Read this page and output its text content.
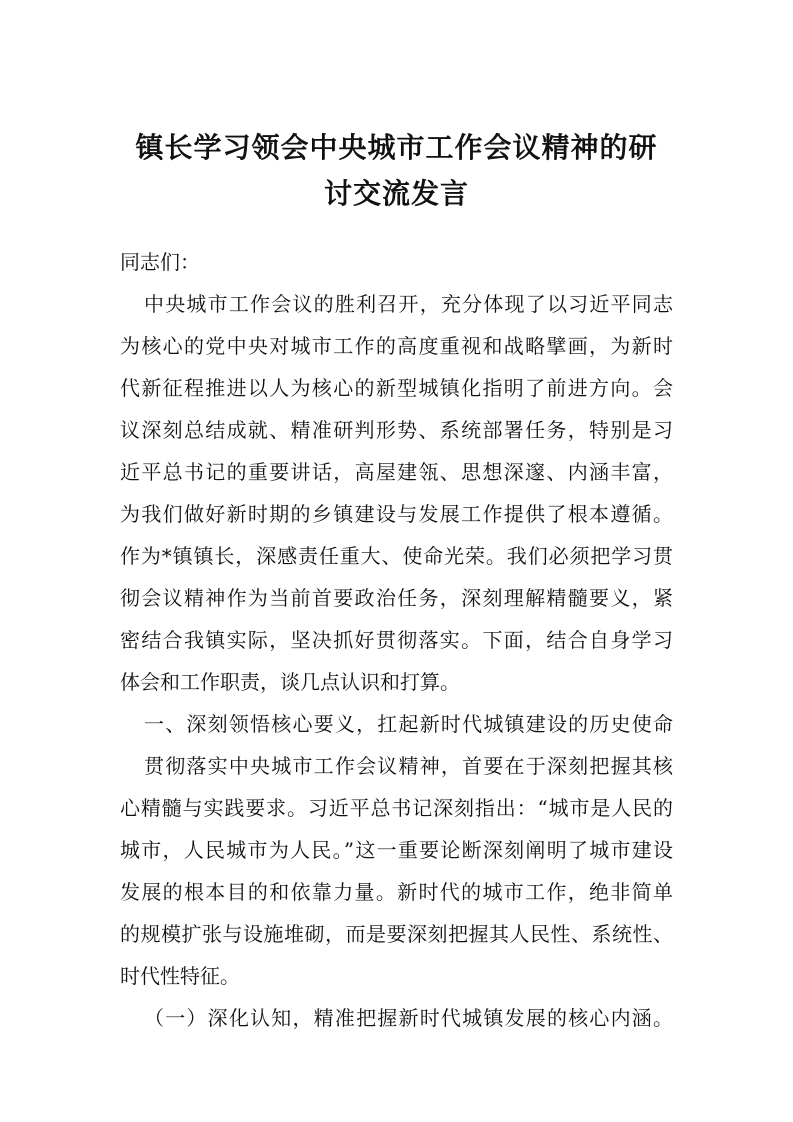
镇长学习领会中央城市工作会议精神的研
讨交流发言
同志们：
中央城市工作会议的胜利召开，充分体现了以习近平同志
为核心的党中央对城市工作的高度重视和战略擘画，为新时
代新征程推进以人为核心的新型城镇化指明了前进方向。会
议深刻总结成就、精准研判形势、系统部署任务，特别是习
近平总书记的重要讲话，高屋建瓴、思想深邃、内涵丰富，
为我们做好新时期的乡镇建设与发展工作提供了根本遵循。
作为*镇镇长，深感责任重大、使命光荣。我们必须把学习贯
彻会议精神作为当前首要政治任务，深刻理解精髓要义，紧
密结合我镇实际，坚决抓好贯彻落实。下面，结合自身学习
体会和工作职责，谈几点认识和打算。
一、深刻领悟核心要义，扛起新时代城镇建设的历史使命
贯彻落实中央城市工作会议精神，首要在于深刻把握其核
心精髓与实践要求。习近平总书记深刻指出：“城市是人民的
城市，人民城市为人民。”这一重要论断深刻阐明了城市建设
发展的根本目的和依靠力量。新时代的城市工作，绝非简单
的规模扩张与设施堆砌，而是要深刻把握其人民性、系统性、
时代性特征。
（一）深化认知，精准把握新时代城镇发展的核心内涵。
